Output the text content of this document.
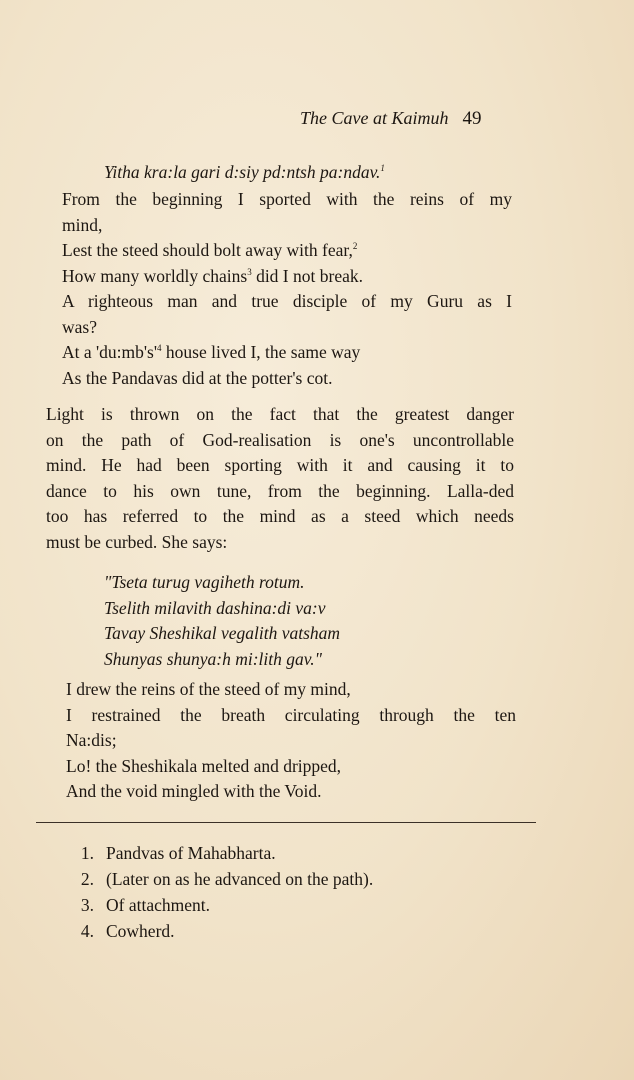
The Cave at Kaimuh 49
Yitha kra:la gari d:siy pd:ntsh pa:ndav.$^1$
From the beginning I sported with the reins of my
mind,
Lest the steed should bolt away with fear,$^2$
How many worldly chains$^3$ did I not break.
A righteous man and true disciple of my Guru as I
was?
At a '$du:mb's'^4$ house lived I, the same way
As the Pandavas did at the potter's cot.
Light is thrown on the fact that the greatest danger
on the path of God-realisation is one's uncontrollable
mind. He had been sporting with it and causing it to
dance to his own tune, from the beginning. Lalla-ded
too has referred to the mind as a steed which needs
must be curbed. She says:
"Tseta turug vagiheth rotum.
Tselith milavith dashina:di va:v
Tavay Sheshikal vegalith vatsham
Shunyas shunya:h mi:lith gav."
I drew the reins of the steed of my mind,
I restrained the breath circulating through the ten
Na:dis;
Lo! the Sheshikala melted and dripped,
And the void mingled with the Void.
1. Pandvas of Mahabharta.
2. (Later on as he advanced on the path).
3. Of attachment.
4. Cowherd.
